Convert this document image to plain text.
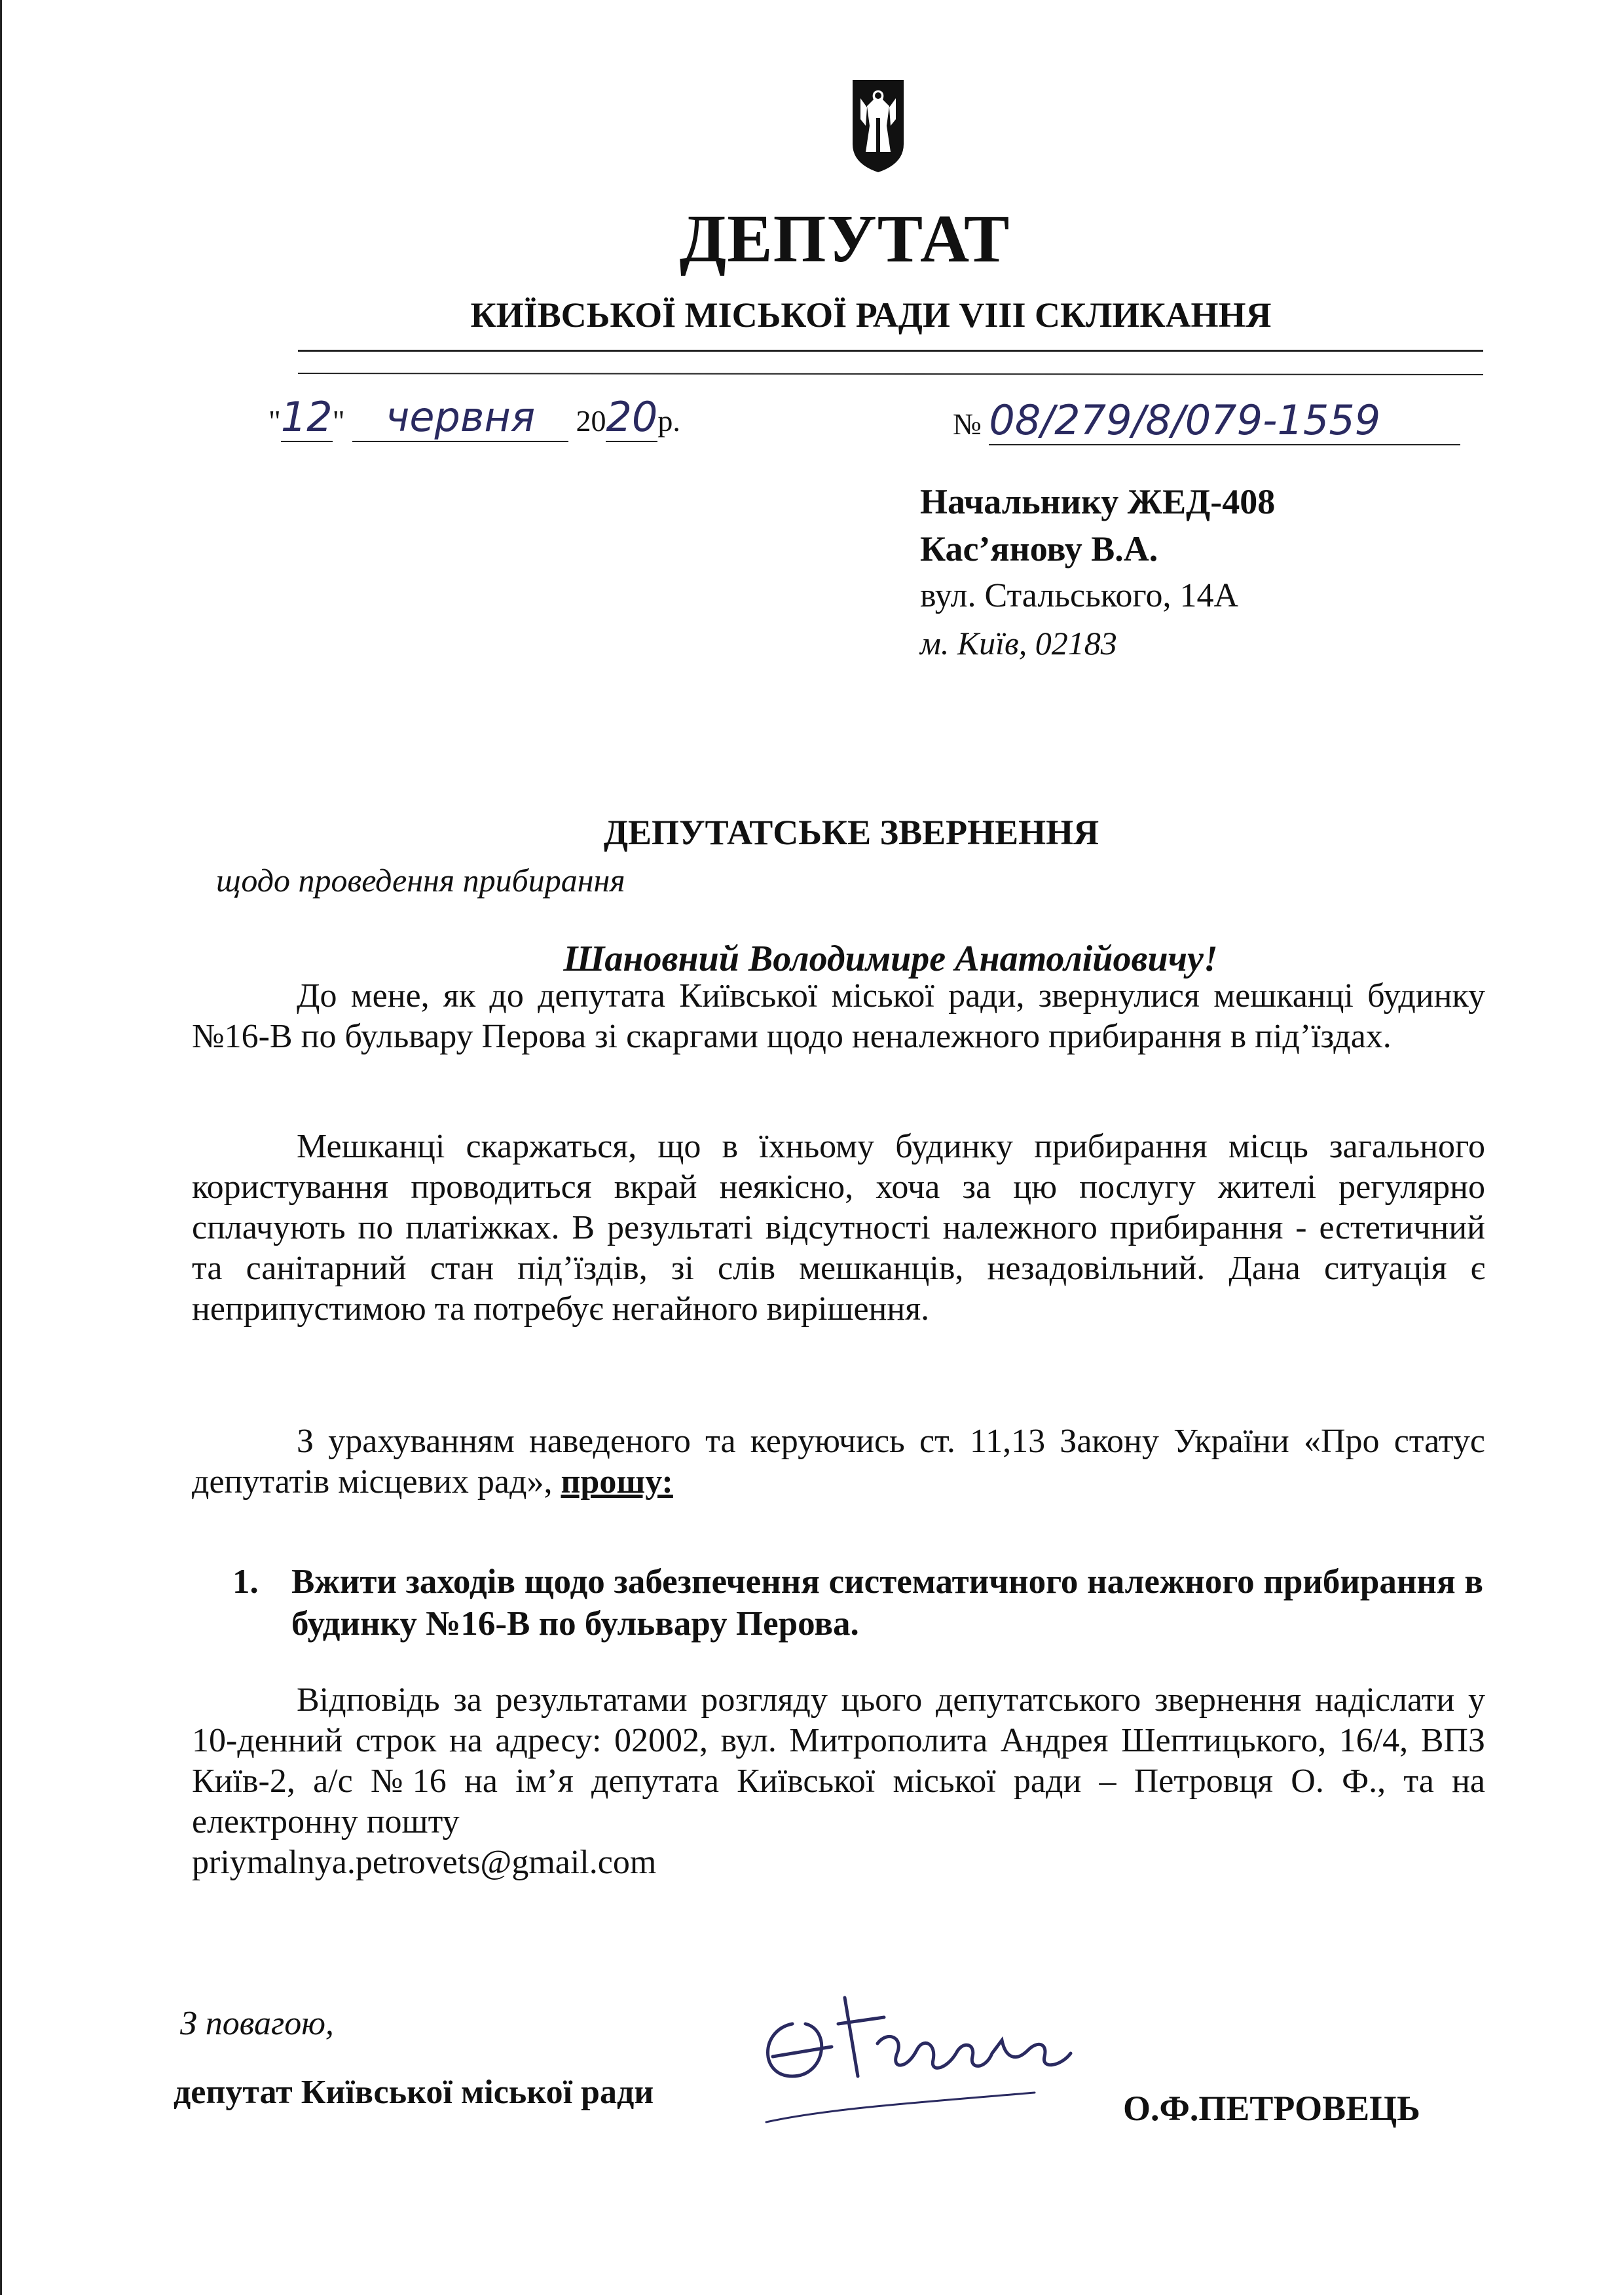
ДЕПУТАТ
КИЇВСЬКОЇ МІСЬКОЇ РАДИ VIII СКЛИКАННЯ
"12" червня 2020р.	№ 08/279/8/079-1559
Начальнику ЖЕД-408
Кас’янову В.А.
вул. Стальського, 14А
м. Київ, 02183
ДЕПУТАТСЬКЕ ЗВЕРНЕННЯ
щодо проведення прибирання
Шановний Володимире Анатолійовичу!

До мене, як до депутата Київської міської ради, звернулися мешканці будинку №16-В по бульвару Перова зі скаргами щодо неналежного прибирання в під’їздах.

Мешканці скаржаться, що в їхньому будинку прибирання місць загального користування проводиться вкрай неякісно, хоча за цю послугу жителі регулярно сплачують по платіжках. В результаті відсутності належного прибирання - естетичний та санітарний стан під’їздів, зі слів мешканців, незадовільний. Дана ситуація є неприпустимою та потребує негайного вирішення.

З урахуванням наведеного та керуючись ст. 11,13 Закону України «Про статус депутатів місцевих рад», прошу:

1. Вжити заходів щодо забезпечення систематичного належного прибирання в будинку №16-В по бульвару Перова.

Відповідь за результатами розгляду цього депутатського звернення надіслати у 10-денний строк на адресу: 02002, вул. Митрополита Андрея Шептицького, 16/4, ВПЗ Київ-2, а/с №16 на ім’я депутата Київської міської ради – Петровця О. Ф., та на електронну пошту

priymalnya.petrovets@gmail.com

З повагою,
депутат Київської міської ради	О.Ф.ПЕТРОВЕЦЬ
